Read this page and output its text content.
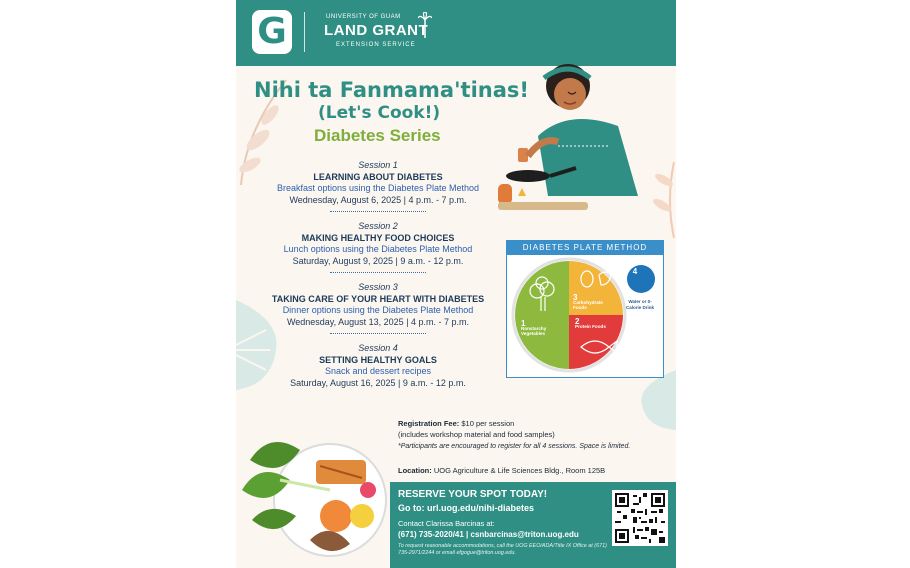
G	UNIVERSITY OF GUAM
LAND GRANT
EXTENSION SERVICE
Nihi ta Fanmama'tinas!
(Let's Cook!)
Diabetes Series
Session 1
LEARNING ABOUT DIABETES
Breakfast options using the Diabetes Plate Method
Wednesday, August 6, 2025 | 4 p.m. - 7 p.m.
Session 2
MAKING HEALTHY FOOD CHOICES
Lunch options using the Diabetes Plate Method
Saturday, August 9, 2025 | 9 a.m. - 12 p.m.
Session 3
TAKING CARE OF YOUR HEART WITH DIABETES
Dinner options using the Diabetes Plate Method
Wednesday, August 13, 2025 | 4 p.m. - 7 p.m.
Session 4
SETTING HEALTHY GOALS
Snack and dessert recipes
Saturday, August 16, 2025 | 9 a.m. - 12 p.m.
DIABETES PLATE METHOD
1
Nonstarchy Vegetables
3
Carbohydrate Foods
2
Protein Foods
4
Water or 0-Calorie Drink
Registration Fee: $10 per session
(includes workshop material and food samples)
*Participants are encouraged to register for all 4 sessions. Space is limited.
Location: UOG Agriculture & Life Sciences Bldg., Room 125B
RESERVE YOUR SPOT TODAY!
Go to: url.uog.edu/nihi-diabetes
Contact Clarissa Barcinas at:
(671) 735-2020/41 | csnbarcinas@triton.uog.edu
To request reasonable accommodations, call the UOG EEO/ADA/Title IX Office at (671) 735-2971/2244 or email efgogue@triton.uog.edu.
